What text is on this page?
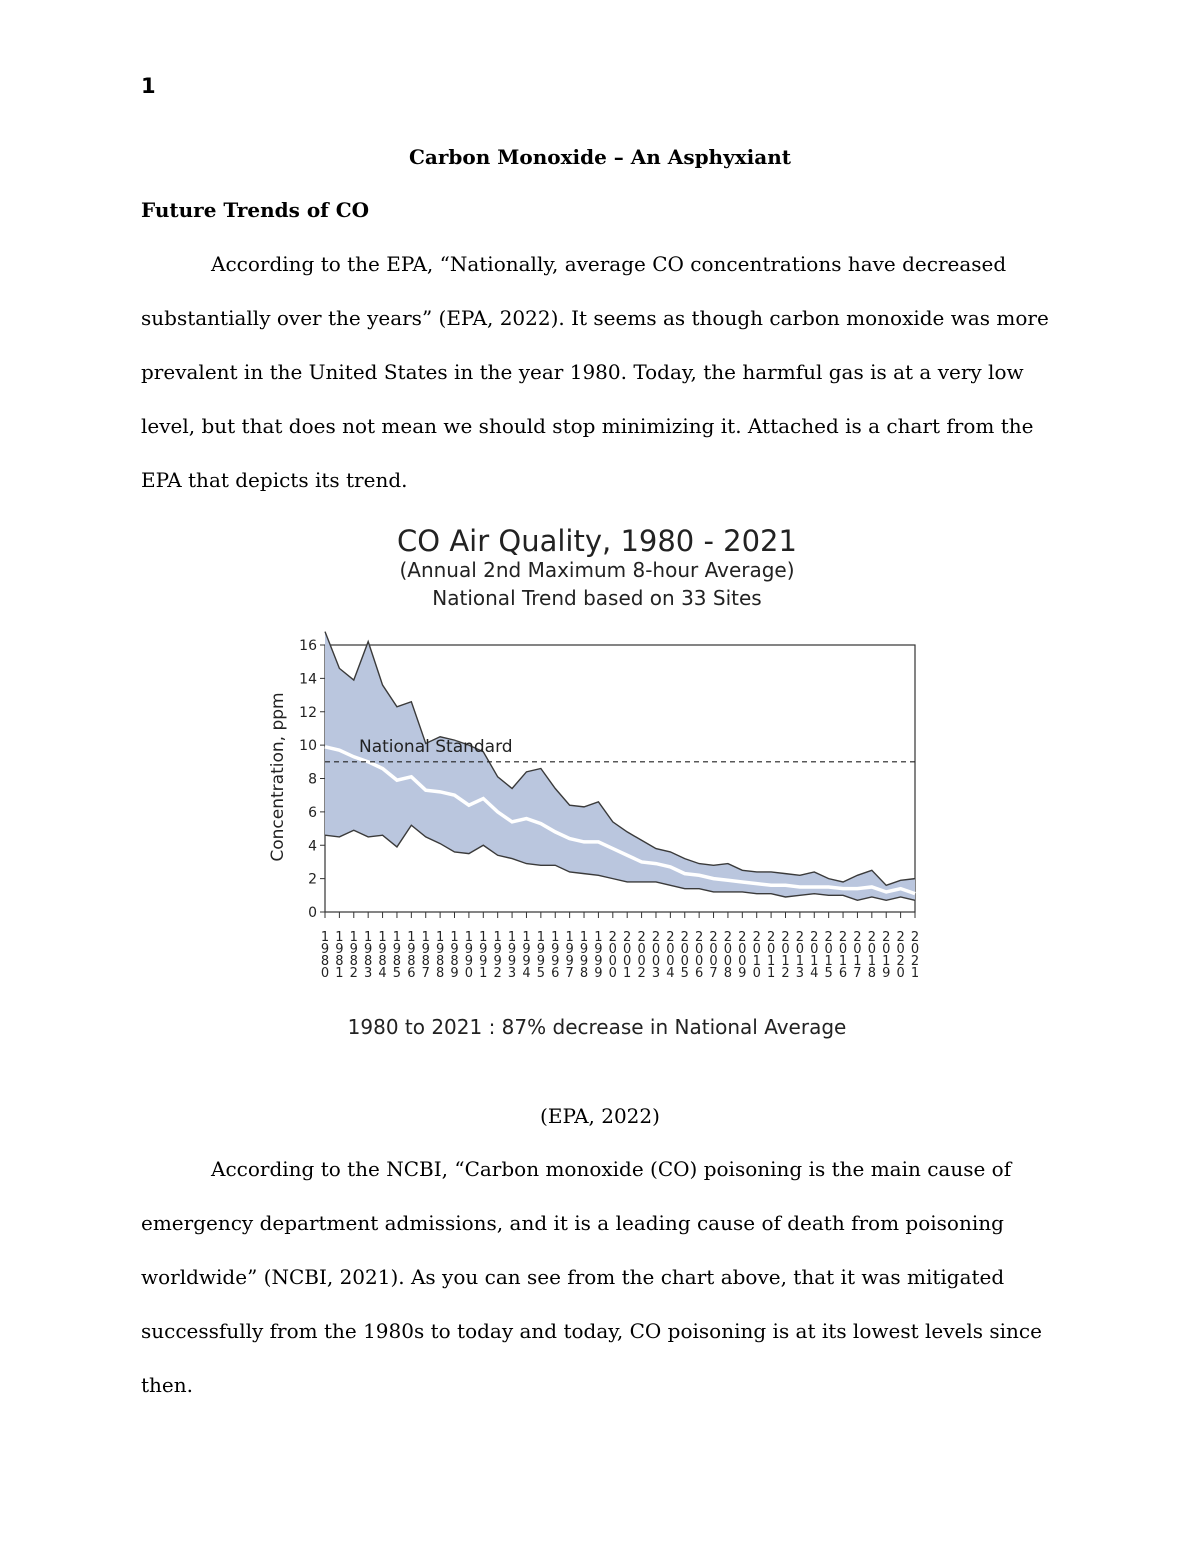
1
Carbon Monoxide – An Asphyxiant
Future Trends of CO

According to the EPA, “Nationally, average CO concentrations have decreased substantially over the years” (EPA, 2022). It seems as though carbon monoxide was more prevalent in the United States in the year 1980. Today, the harmful gas is at a very low level, but that does not mean we should stop minimizing it. Attached is a chart from the EPA that depicts its trend.

CO Air Quality, 1980 - 2021
(Annual 2nd Maximum 8-hour Average)
National Trend based on 33 Sites
Concentration, ppm	National Standard
0
2
4
6
8
10
12
14
16
1 9 8 0
1 9 8 1
1 9 8 2
1 9 8 3
1 9 8 4
1 9 8 5
1 9 8 6
1 9 8 7
1 9 8 8
1 9 8 9
1 9 9 0
1 9 9 1
1 9 9 2
1 9 9 3
1 9 9 4
1 9 9 5
1 9 9 6
1 9 9 7
1 9 9 8
1 9 9 9
2 0 0 0
2 0 0 1
2 0 0 2
2 0 0 3
2 0 0 4
2 0 0 5
2 0 0 6
2 0 0 7
2 0 0 8
2 0 0 9
2 0 1 0
2 0 1 1
2 0 1 2
2 0 1 3
2 0 1 4
2 0 1 5
2 0 1 6
2 0 1 7
2 0 1 8
2 0 1 9
2 0 2 0
2 0 2 1
1980 to 2021 : 87% decrease in National Average
(EPA, 2022)

According to the NCBI, “Carbon monoxide (CO) poisoning is the main cause of emergency department admissions, and it is a leading cause of death from poisoning worldwide” (NCBI, 2021). As you can see from the chart above, that it was mitigated successfully from the 1980s to today and today, CO poisoning is at its lowest levels since then.
